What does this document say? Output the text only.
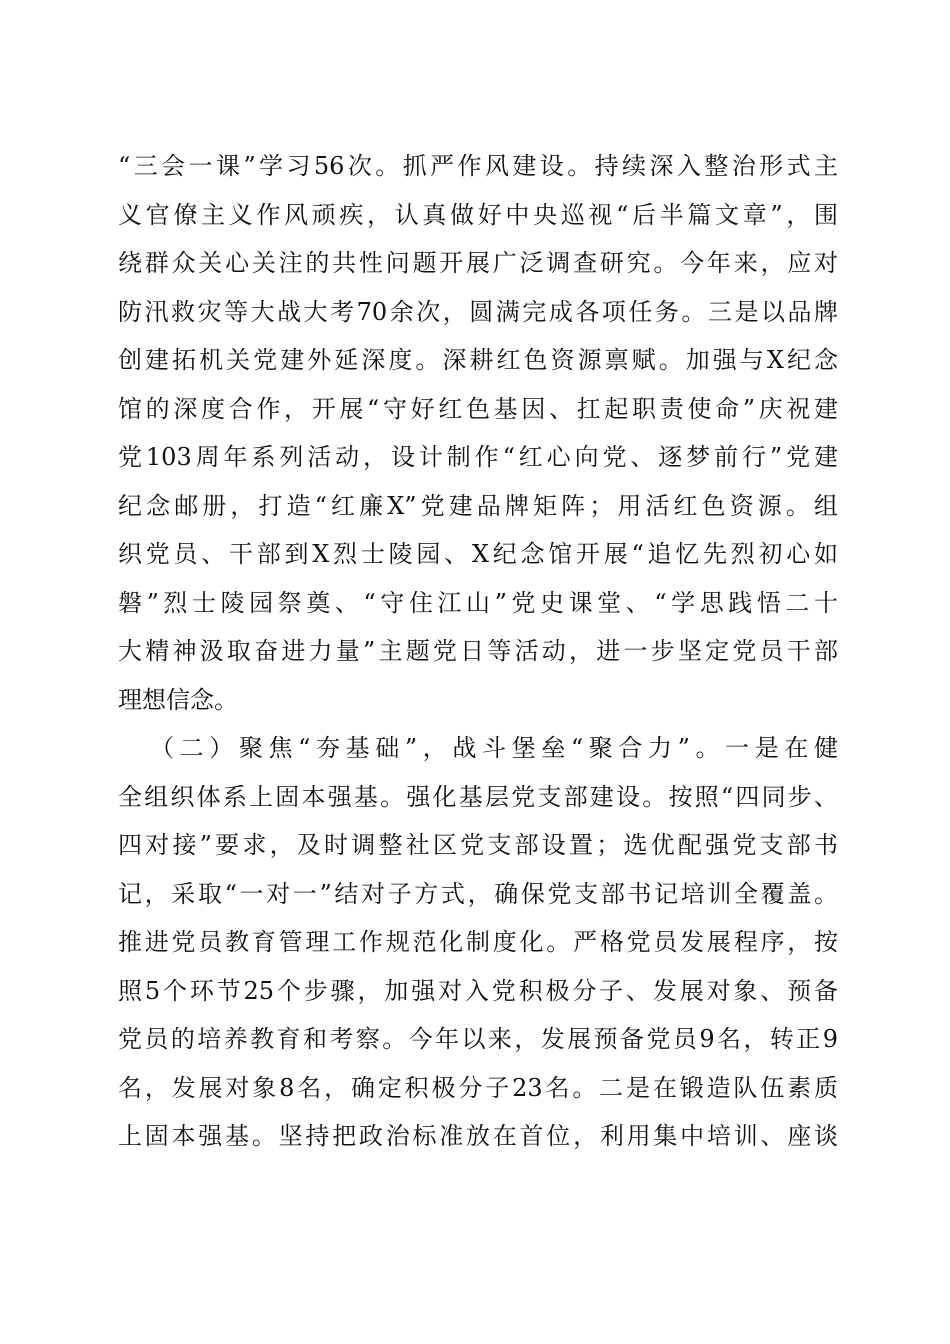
“三会一课”学习56次。抓严作风建设。持续深入整治形式主
义官僚主义作风顽疾，认真做好中央巡视“后半篇文章”，围
绕群众关心关注的共性问题开展广泛调查研究。今年来，应对
防汛救灾等大战大考70余次，圆满完成各项任务。三是以品牌
创建拓机关党建外延深度。深耕红色资源禀赋。加强与X纪念
馆的深度合作，开展“守好红色基因、扛起职责使命”庆祝建
党103周年系列活动，设计制作“红心向党、逐梦前行”党建
纪念邮册，打造“红廉X”党建品牌矩阵；用活红色资源。组
织党员、干部到X烈士陵园、X纪念馆开展“追忆先烈初心如
磐”烈士陵园祭奠、“守住江山”党史课堂、“学思践悟二十
大精神汲取奋进力量”主题党日等活动，进一步坚定党员干部
理想信念。
（二）聚焦“夯基础”，战斗堡垒“聚合力”。一是在健
全组织体系上固本强基。强化基层党支部建设。按照“四同步、
四对接”要求，及时调整社区党支部设置；选优配强党支部书
记，采取“一对一”结对子方式，确保党支部书记培训全覆盖。
推进党员教育管理工作规范化制度化。严格党员发展程序，按
照5个环节25个步骤，加强对入党积极分子、发展对象、预备
党员的培养教育和考察。今年以来，发展预备党员9名，转正9
名，发展对象8名，确定积极分子23名。二是在锻造队伍素质
上固本强基。坚持把政治标准放在首位，利用集中培训、座谈
